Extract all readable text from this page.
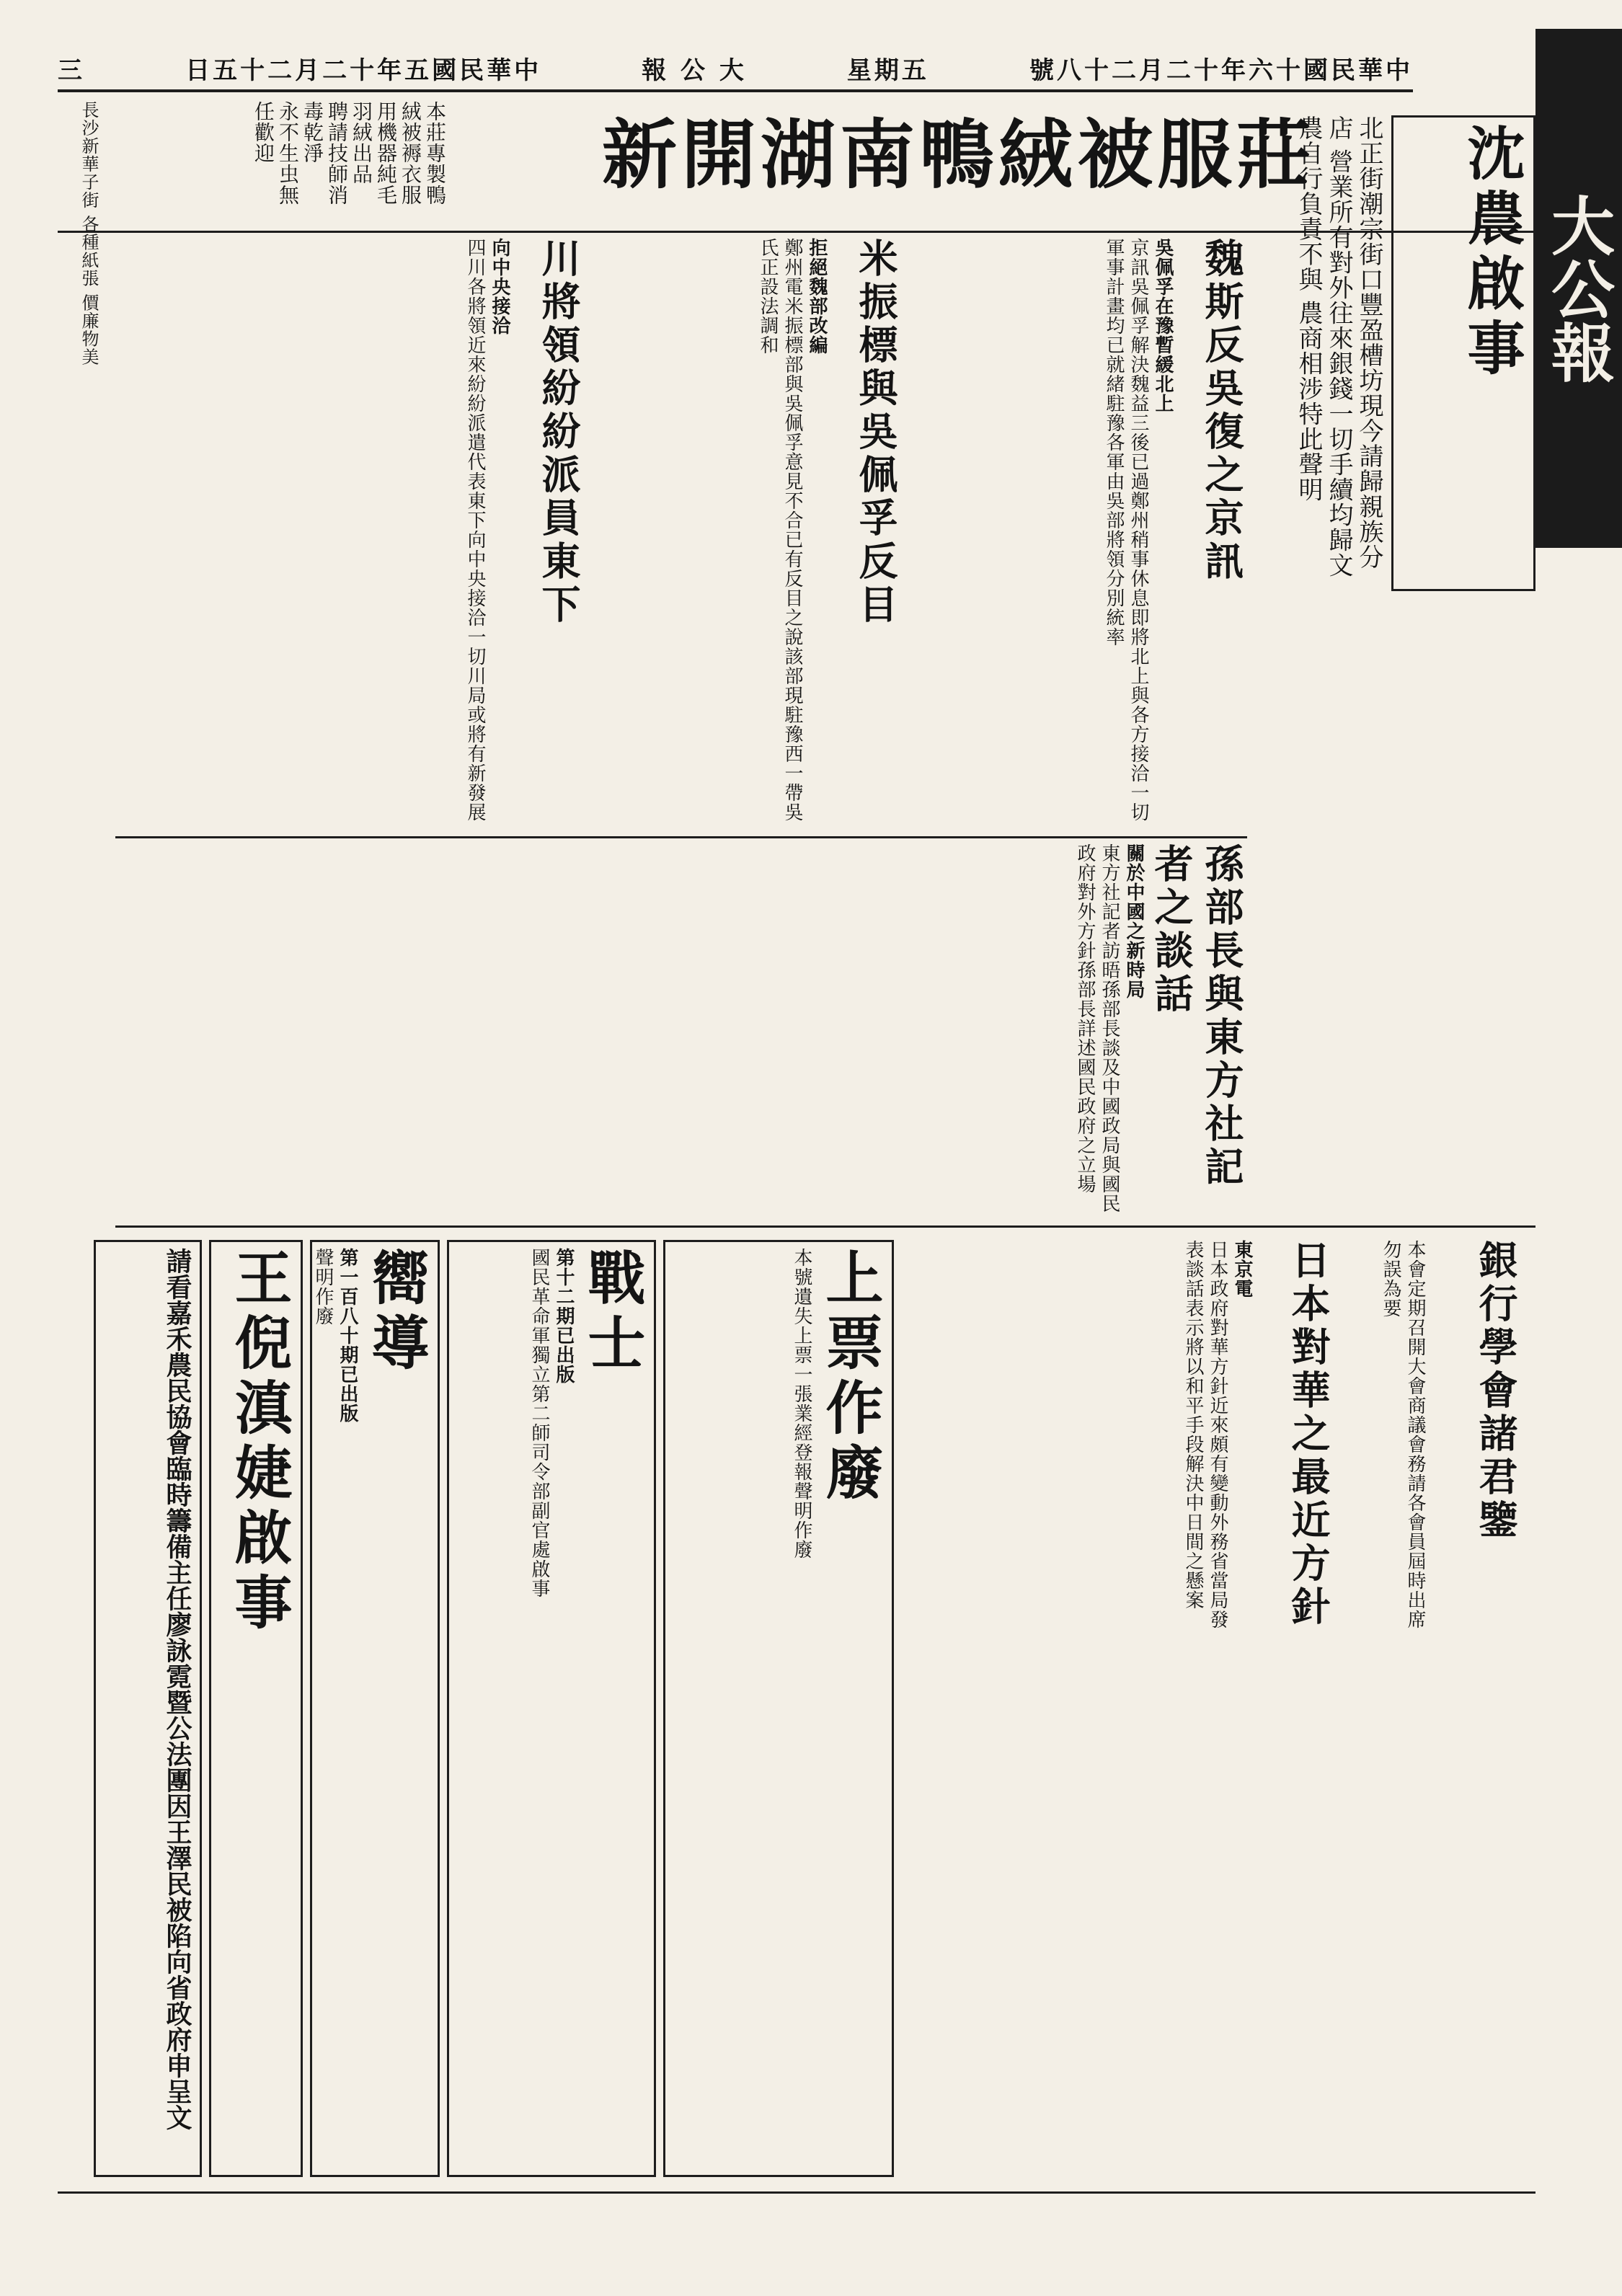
三	日五十二月二十年五國民華中	報 公 大	星期五	號八十二月二十年六十國民華中
大公報
新開湖南鴨絨被服莊
本莊專製鴨絨被褥衣服
用機器純毛羽絨出品
聘請技師消毒乾淨
永不生虫無任歡迎	沈農啟事
北正街潮宗街口豐盈槽坊現今請歸親族分店 營業所有對外往來銀錢一切手續均歸文農自行負責不與 農商相涉特此聲明
魏斯反吳復之京訊
吳佩孚在豫暫緩北上
京訊吳佩孚解決魏益三後已過鄭州稍事休息即將北上與各方接洽一切軍事計畫均已就緒駐豫各軍由吳部將領分別統率
米振標與吳佩孚反目
拒絕魏部改編
鄭州電米振標部與吳佩孚意見不合已有反目之說該部現駐豫西一帶吳氏正設法調和
川將領紛紛派員東下
向中央接洽
四川各將領近來紛紛派遣代表東下向中央接洽一切川局或將有新發展
長沙新華子街 各種紙張 價廉物美
孫部長與東方社記者之談話
關於中國之新時局
東方社記者訪晤孫部長談及中國政局與國民政府對外方針孫部長詳述國民政府之立場
日本對華之最近方針
東京電
日本政府對華方針近來頗有變動外務省當局發表談話表示將以和平手段解決中日間之懸案	銀行學會諸君鑒
本會定期召開大會商議會務請各會員屆時出席勿誤為要
上票作廢
本號遺失上票一張業經登報聲明作廢
戰士
第十二期已出版
國民革命軍獨立第二師司令部副官處啟事
嚮導
第一百八十期已出版
聲明作廢
王倪滇婕啟事
請看嘉禾農民協會臨時籌備主任廖詠霓暨公法團因王澤民被陷向省政府申呈文
